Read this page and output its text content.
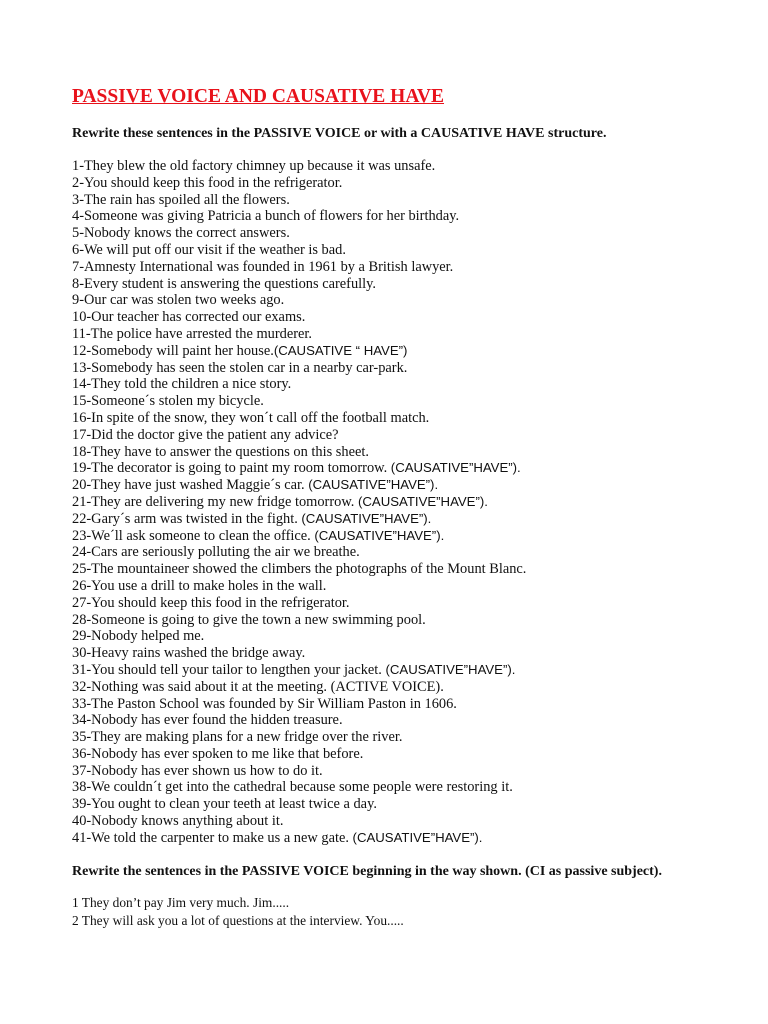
PASSIVE VOICE AND CAUSATIVE HAVE

Rewrite these sentences in the PASSIVE VOICE or with a CAUSATIVE HAVE structure.

1-They blew the old factory chimney up because it was unsafe.
2-You should keep this food in the refrigerator.
3-The rain has spoiled all the flowers.
4-Someone was giving Patricia a bunch of flowers for her birthday.
5-Nobody knows the correct answers.
6-We will put off our visit if the weather is bad.
7-Amnesty International was founded in 1961 by a British lawyer.
8-Every student is answering the questions carefully.
9-Our car was stolen two weeks ago.
10-Our teacher has corrected our exams.
11-The police have arrested the murderer.
12-Somebody will paint her house.(CAUSATIVE “ HAVE”)
13-Somebody has seen the stolen car in a nearby car-park.
14-They told the children a nice story.
15-Someone´s stolen my bicycle.
16-In spite of the snow, they won´t call off the football match.
17-Did the doctor give the patient any advice?
18-They have to answer the questions on this sheet.
19-The decorator is going to paint my room tomorrow. (CAUSATIVE”HAVE”).
20-They have just washed Maggie´s car. (CAUSATIVE”HAVE”).
21-They are delivering my new fridge tomorrow. (CAUSATIVE”HAVE”).
22-Gary´s arm was twisted in the fight. (CAUSATIVE”HAVE”).
23-We´ll ask someone to clean the office. (CAUSATIVE”HAVE”).
24-Cars are seriously polluting the air we breathe.
25-The mountaineer showed the climbers the photographs of the Mount Blanc.
26-You use a drill to make holes in the wall.
27-You should keep this food in the refrigerator.
28-Someone is going to give the town a new swimming pool.
29-Nobody helped me.
30-Heavy rains washed the bridge away.
31-You should tell your tailor to lengthen your jacket. (CAUSATIVE”HAVE”).
32-Nothing was said about it at the meeting. (ACTIVE VOICE).
33-The Paston School was founded by Sir William Paston in 1606.
34-Nobody has ever found the hidden treasure.
35-They are making plans for a new fridge over the river.
36-Nobody has ever spoken to me like that before.
37-Nobody has ever shown us how to do it.
38-We couldn´t get into the cathedral because some people were restoring it.
39-You ought to clean your teeth at least twice a day.
40-Nobody knows anything about it.
41-We told the carpenter to make us a new gate. (CAUSATIVE”HAVE”).

Rewrite the sentences in the PASSIVE VOICE beginning in the way shown. (CI as passive subject).

1 They don’t pay Jim very much. Jim.....
2 They will ask you a lot of questions at the interview. You.....
